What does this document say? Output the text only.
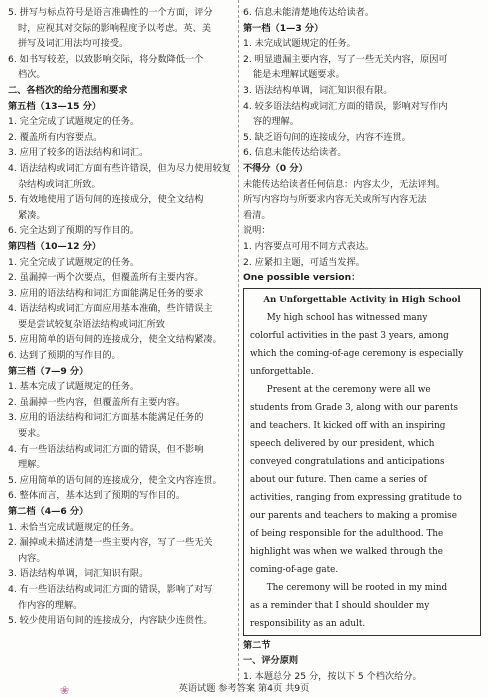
5. 拼写与标点符号是语言准确性的一个方面，评分

时，应视其对交际的影响程度予以考虑。英、美

拼写及词汇用法均可接受。

6. 如书写较差，以致影响交际，将分数降低一个

档次。

二、各档次的给分范围和要求

第五档（13—15 分）

1. 完全完成了试题规定的任务。

2. 覆盖所有内容要点。

3. 应用了较多的语法结构和词汇。

4. 语法结构或词汇方面有些许错误，但为尽力使用较复

杂结构或词汇所致。

5. 有效地使用了语句间的连接成分，使全文结构

紧凑。

6. 完全达到了预期的写作目的。

第四档（10—12 分）

1. 完全完成了试题规定的任务。

2. 虽漏掉一两个次要点，但覆盖所有主要内容。

3. 应用的语法结构和词汇方面能满足任务的要求

4. 语法结构或词汇方面应用基本准确，些许错误主

要是尝试较复杂语法结构或词汇所致

5. 应用简单的语句间的连接成分，使全文结构紧凑。

6. 达到了预期的写作目的。

第三档（7—9 分）

1. 基本完成了试题规定的任务。

2. 虽漏掉一些内容，但覆盖所有主要内容。

3. 应用的语法结构和词汇方面基本能满足任务的

要求。

4. 有一些语法结构或词汇方面的错误，但不影响

理解。

5. 应用简单的语句间的连接成分，使全文内容连贯。

6. 整体而言，基本达到了预期的写作目的。

第二档（4—6 分）

1. 未恰当完成试题规定的任务。

2. 漏掉或未描述清楚一些主要内容，写了一些无关

内容。

3. 语法结构单调，词汇知识有限。

4. 有一些语法结构或词汇方面的错误，影响了对写

作内容的理解。

5. 较少使用语句间的连接成分，内容缺少连贯性。

6. 信息未能清楚地传达给读者。

第一档（1—3 分）

1. 未完成试题规定的任务。

2. 明显遗漏主要内容，写了一些无关内容，原因可

能是未理解试题要求。

3. 语法结构单调，词汇知识很有限。

4. 较多语法结构或词汇方面的错误，影响对写作内

容的理解。

5. 缺乏语句间的连接成分，内容不连贯。

6. 信息未能传达给读者。

不得分（0 分）

未能传达给读者任何信息：内容太少，无法评判。

所写内容均与所要求内容无关或所写内容无法

看清。

说明：

1. 内容要点可用不同方式表达。

2. 应紧扣主题，可适当发挥。

One possible version：

An Unforgettable Activity in High School

My high school has witnessed many

colorful activities in the past 3 years, among

which the coming-of-age ceremony is especially

unforgettable.

Present at the ceremony were all we

students from Grade 3, along with our parents

and teachers. It kicked off with an inspiring

speech delivered by our president, which

conveyed congratulations and anticipations

about our future. Then came a series of

activities, ranging from expressing gratitude to

our parents and teachers to making a promise

of being responsible for the adulthood. The

highlight was when we walked through the

coming-of-age gate.

The ceremony will be rooted in my mind

as a reminder that I should shoulder my

responsibility as an adult.

第二节

一、评分原则

1. 本题总分 25 分，按以下 5 个档次给分。

❀	英语试题 参考答案 第4页 共9页
